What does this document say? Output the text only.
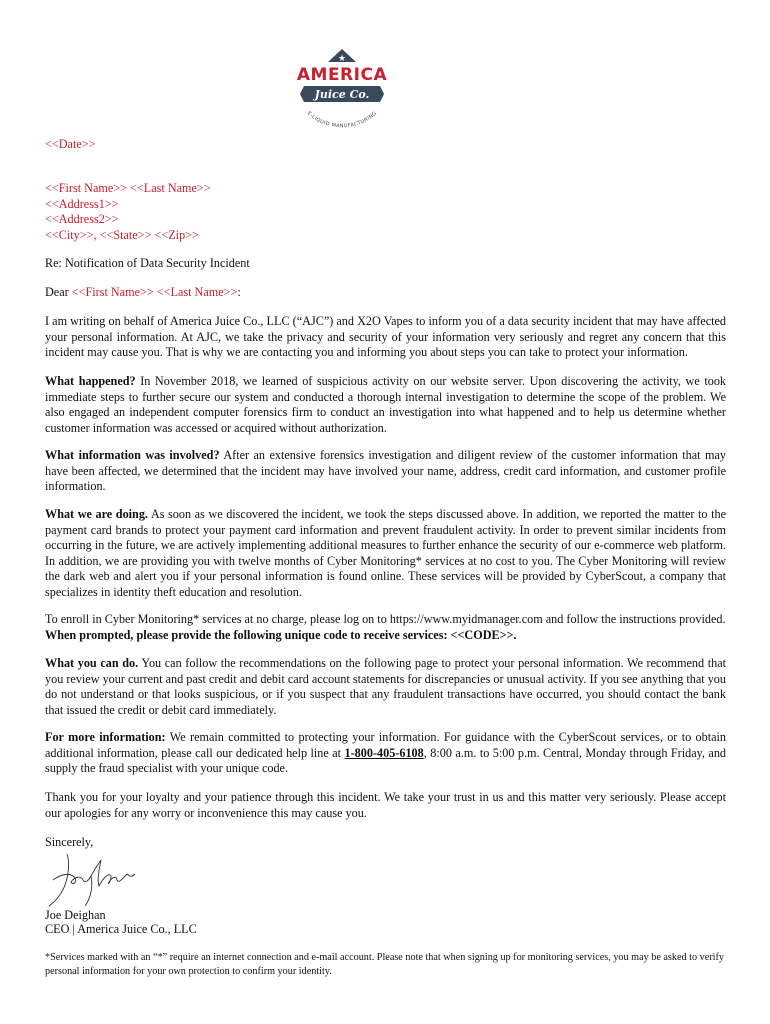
★
AMERICA
Juice Co.
E-LIQUID MANUFACTURING
<<Date>>
<<First Name>> <<Last Name>>
<<Address1>>
<<Address2>>
<<City>>, <<State>> <<Zip>>
Re: Notification of Data Security Incident
Dear <<First Name>> <<Last Name>>:
I am writing on behalf of America Juice Co., LLC (“AJC”) and X2O Vapes to inform you of a data security incident that may have affected your personal information. At AJC, we take the privacy and security of your information very seriously and regret any concern that this incident may cause you. That is why we are contacting you and informing you about steps you can take to protect your information.
What happened? In November 2018, we learned of suspicious activity on our website server. Upon discovering the activity, we took immediate steps to further secure our system and conducted a thorough internal investigation to determine the scope of the problem. We also engaged an independent computer forensics firm to conduct an investigation into what happened and to help us determine whether customer information was accessed or acquired without authorization.
What information was involved? After an extensive forensics investigation and diligent review of the customer information that may have been affected, we determined that the incident may have involved your name, address, credit card information, and customer profile information.
What we are doing. As soon as we discovered the incident, we took the steps discussed above. In addition, we reported the matter to the payment card brands to protect your payment card information and prevent fraudulent activity. In order to prevent similar incidents from occurring in the future, we are actively implementing additional measures to further enhance the security of our e-commerce web platform. In addition, we are providing you with twelve months of Cyber Monitoring* services at no cost to you. The Cyber Monitoring will review the dark web and alert you if your personal information is found online. These services will be provided by CyberScout, a company that specializes in identity theft education and resolution.
To enroll in Cyber Monitoring* services at no charge, please log on to https://www.myidmanager.com and follow the instructions provided.
When prompted, please provide the following unique code to receive services: <<CODE>>.
What you can do. You can follow the recommendations on the following page to protect your personal information. We recommend that you review your current and past credit and debit card account statements for discrepancies or unusual activity. If you see anything that you do not understand or that looks suspicious, or if you suspect that any fraudulent transactions have occurred, you should contact the bank that issued the credit or debit card immediately.
For more information: We remain committed to protecting your information. For guidance with the CyberScout services, or to obtain additional information, please call our dedicated help line at 1-800-405-6108, 8:00 a.m. to 5:00 p.m. Central, Monday through Friday, and supply the fraud specialist with your unique code.
Thank you for your loyalty and your patience through this incident. We take your trust in us and this matter very seriously. Please accept our apologies for any worry or inconvenience this may cause you.
Sincerely,
Joe Deighan
CEO | America Juice Co., LLC
*Services marked with an “*” require an internet connection and e-mail account. Please note that when signing up for monitoring services, you may be asked to verify personal information for your own protection to confirm your identity.
